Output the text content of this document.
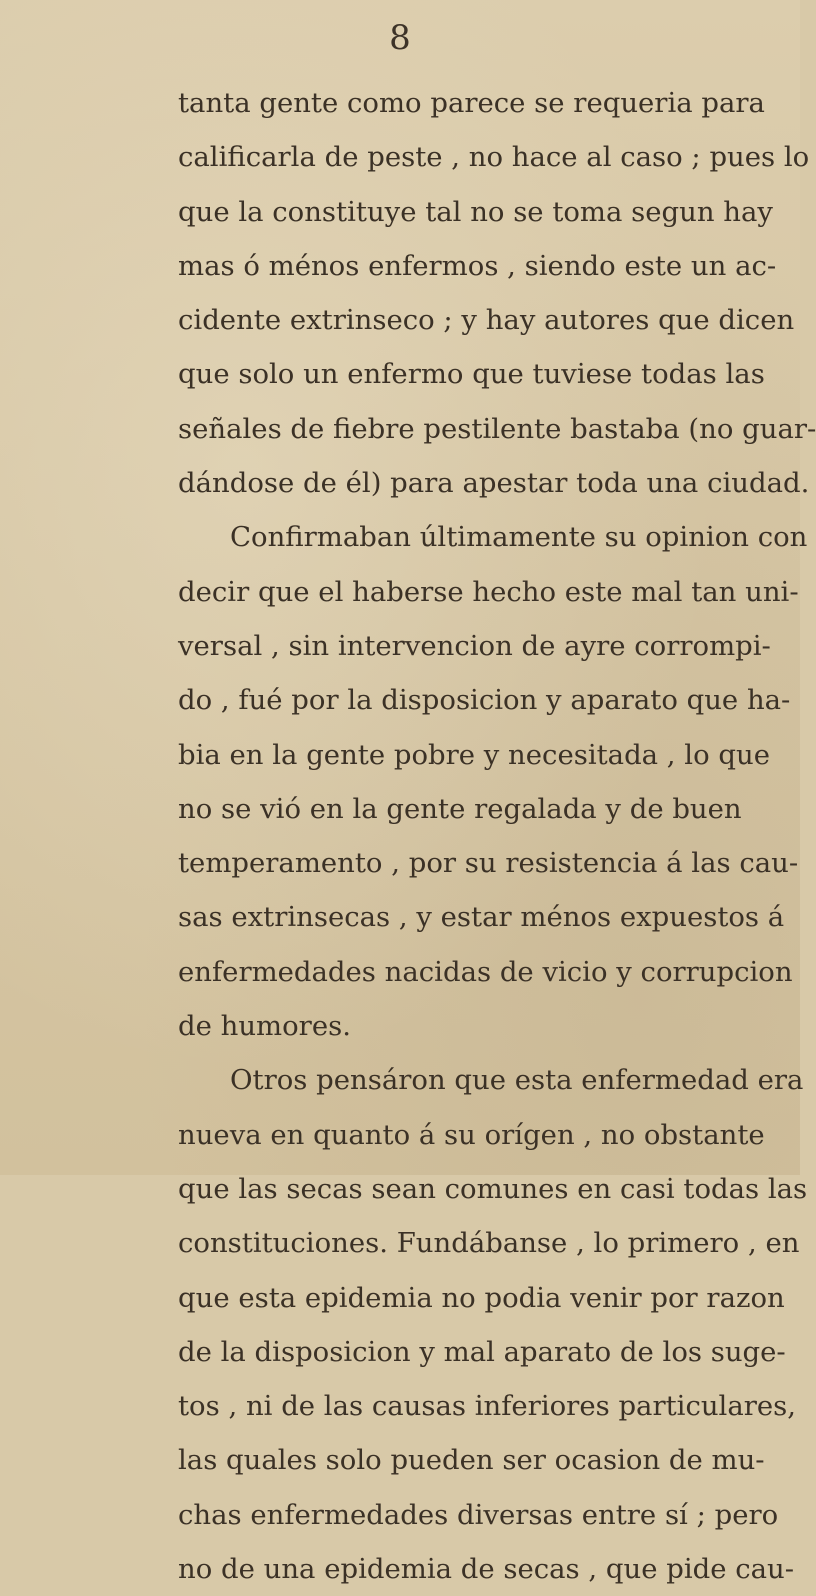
8
tanta gente como parece se requeria para
calificarla de peste , no hace al caso ; pues lo
que la constituye tal no se toma segun hay
mas ó ménos enfermos , siendo este un ac-
cidente extrinseco ; y hay autores que dicen
que solo un enfermo que tuviese todas las
señales de fiebre pestilente bastaba (no guar-
dándose de él) para apestar toda una ciudad.
Confirmaban últimamente su opinion con
decir que el haberse hecho este mal tan uni-
versal , sin intervencion de ayre corrompi-
do , fué por la disposicion y aparato que ha-
bia en la gente pobre y necesitada , lo que
no se vió en la gente regalada y de buen
temperamento , por su resistencia á las cau-
sas extrinsecas , y estar ménos expuestos á
enfermedades nacidas de vicio y corrupcion
de humores.
Otros pensáron que esta enfermedad era
nueva en quanto á su orígen , no obstante
que las secas sean comunes en casi todas las
constituciones. Fundábanse , lo primero , en
que esta epidemia no podia venir por razon
de la disposicion y mal aparato de los suge-
tos , ni de las causas inferiores particulares,
las quales solo pueden ser ocasion de mu-
chas enfermedades diversas entre sí ; pero
no de una epidemia de secas , que pide cau-
